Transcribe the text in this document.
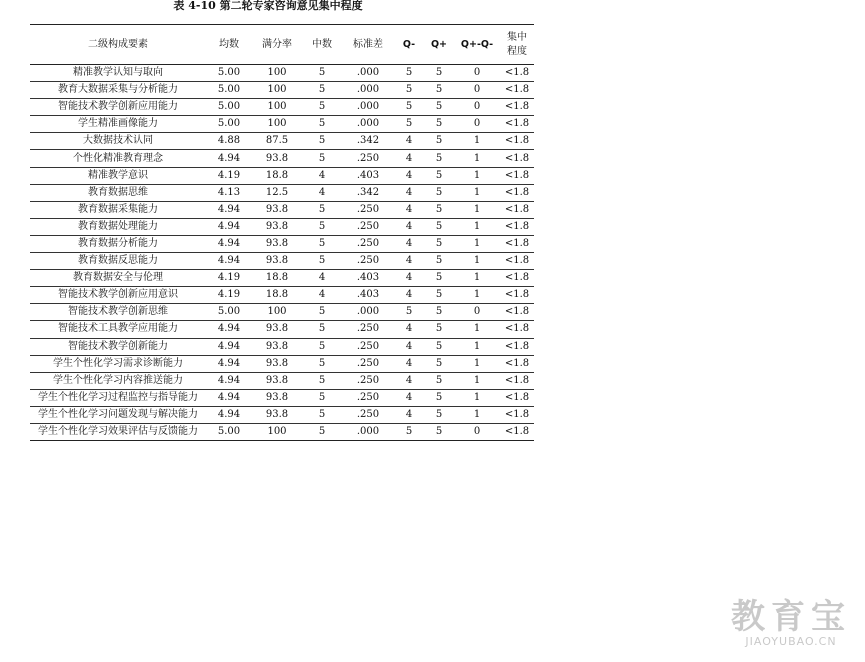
表 4-10 第二轮专家咨询意见集中程度
二级构成要素	均数	满分率	中数	标准差	Q-	Q+	Q+-Q-	集中
程度

精准教学认知与取向	5.00	100	5	.000	5	5	0	<1.8
教育大数据采集与分析能力	5.00	100	5	.000	5	5	0	<1.8
智能技术教学创新应用能力	5.00	100	5	.000	5	5	0	<1.8
学生精准画像能力	5.00	100	5	.000	5	5	0	<1.8
大数据技术认同	4.88	87.5	5	.342	4	5	1	<1.8
个性化精准教育理念	4.94	93.8	5	.250	4	5	1	<1.8
精准教学意识	4.19	18.8	4	.403	4	5	1	<1.8
教育数据思维	4.13	12.5	4	.342	4	5	1	<1.8
教育数据采集能力	4.94	93.8	5	.250	4	5	1	<1.8
教育数据处理能力	4.94	93.8	5	.250	4	5	1	<1.8
教育数据分析能力	4.94	93.8	5	.250	4	5	1	<1.8
教育数据反思能力	4.94	93.8	5	.250	4	5	1	<1.8
教育数据安全与伦理	4.19	18.8	4	.403	4	5	1	<1.8
智能技术教学创新应用意识	4.19	18.8	4	.403	4	5	1	<1.8
智能技术教学创新思维	5.00	100	5	.000	5	5	0	<1.8
智能技术工具教学应用能力	4.94	93.8	5	.250	4	5	1	<1.8
智能技术教学创新能力	4.94	93.8	5	.250	4	5	1	<1.8
学生个性化学习需求诊断能力	4.94	93.8	5	.250	4	5	1	<1.8
学生个性化学习内容推送能力	4.94	93.8	5	.250	4	5	1	<1.8
学生个性化学习过程监控与指导能力	4.94	93.8	5	.250	4	5	1	<1.8
学生个性化学习问题发现与解决能力	4.94	93.8	5	.250	4	5	1	<1.8
学生个性化学习效果评估与反馈能力	5.00	100	5	.000	5	5	0	<1.8
教育宝
JIAOYUBAO.CN
